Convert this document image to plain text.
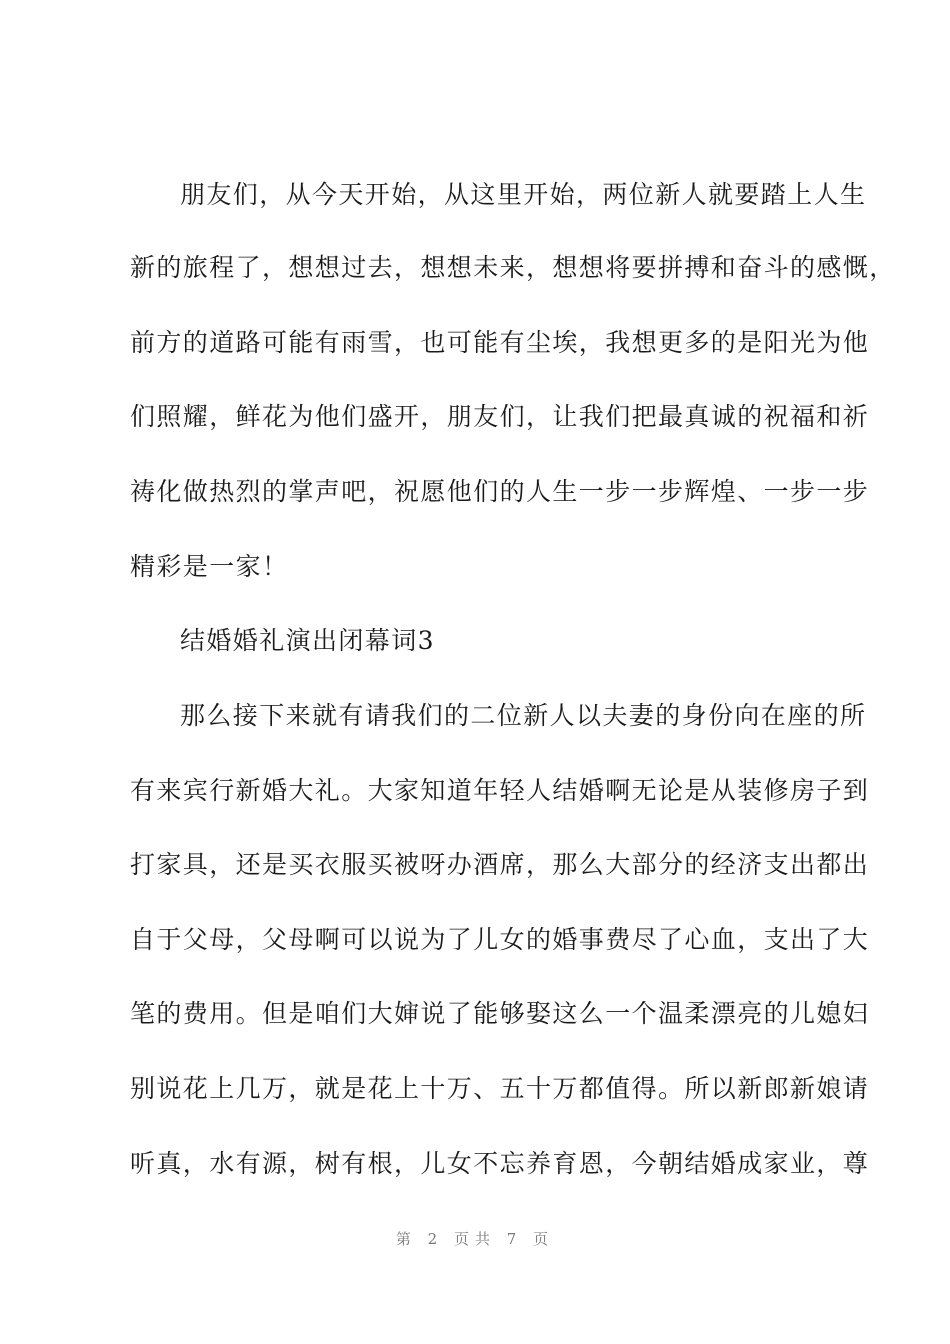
朋友们，从今天开始，从这里开始，两位新人就要踏上人生
新的旅程了，想想过去，想想未来，想想将要拼搏和奋斗的感慨，
前方的道路可能有雨雪，也可能有尘埃，我想更多的是阳光为他
们照耀，鲜花为他们盛开，朋友们，让我们把最真诚的祝福和祈
祷化做热烈的掌声吧，祝愿他们的人生一步一步辉煌、一步一步
精彩是一家！
结婚婚礼演出闭幕词3
那么接下来就有请我们的二位新人以夫妻的身份向在座的所
有来宾行新婚大礼。大家知道年轻人结婚啊无论是从装修房子到
打家具，还是买衣服买被呀办酒席，那么大部分的经济支出都出
自于父母，父母啊可以说为了儿女的婚事费尽了心血，支出了大
笔的费用。但是咱们大婶说了能够娶这么一个温柔漂亮的儿媳妇
别说花上几万，就是花上十万、五十万都值得。所以新郎新娘请
听真，水有源，树有根，儿女不忘养育恩，今朝结婚成家业，尊
第 2 页共 7 页
